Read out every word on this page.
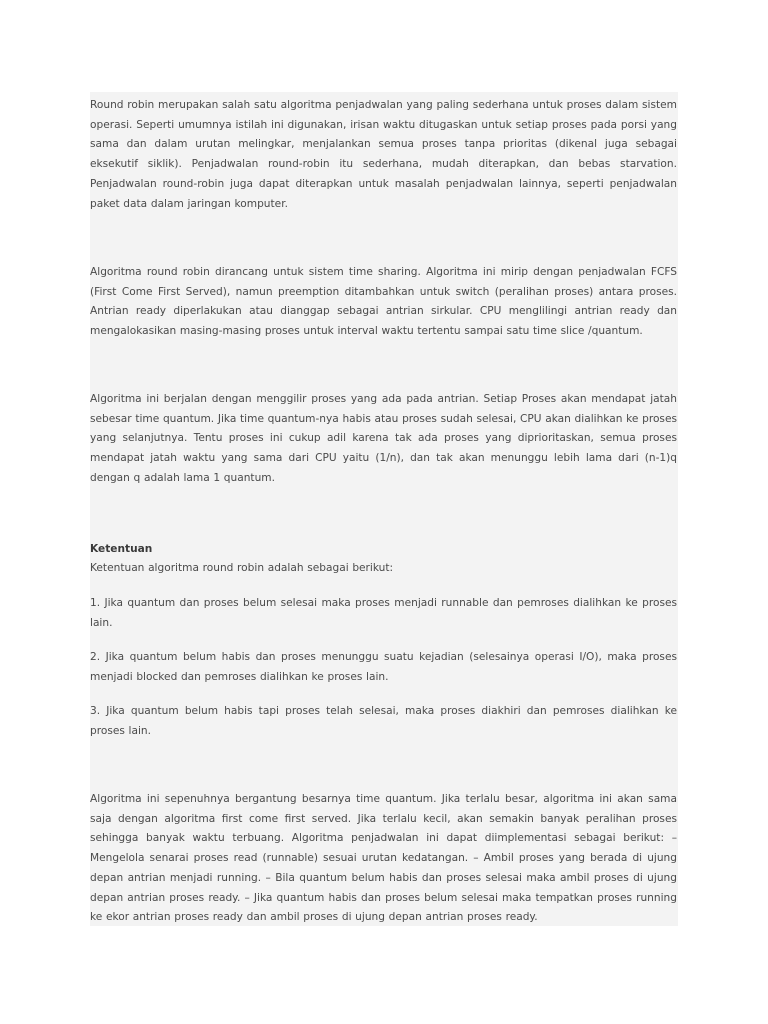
Round robin merupakan salah satu algoritma penjadwalan yang paling sederhana untuk proses dalam sistem operasi. Seperti umumnya istilah ini digunakan, irisan waktu ditugaskan untuk setiap proses pada porsi yang sama dan dalam urutan melingkar, menjalankan semua proses tanpa prioritas (dikenal juga sebagai eksekutif siklik). Penjadwalan round-robin itu sederhana, mudah diterapkan, dan bebas starvation. Penjadwalan round-robin juga dapat diterapkan untuk masalah penjadwalan lainnya, seperti penjadwalan paket data dalam jaringan komputer.

Algoritma round robin dirancang untuk sistem time sharing. Algoritma ini mirip dengan penjadwalan FCFS (First Come First Served), namun preemption ditambahkan untuk switch (peralihan proses) antara proses. Antrian ready diperlakukan atau dianggap sebagai antrian sirkular. CPU menglilingi antrian ready dan mengalokasikan masing-masing proses untuk interval waktu tertentu sampai satu time slice /quantum.

Algoritma ini berjalan dengan menggilir proses yang ada pada antrian. Setiap Proses akan mendapat jatah sebesar time quantum. Jika time quantum-nya habis atau proses sudah selesai, CPU akan dialihkan ke proses yang selanjutnya. Tentu proses ini cukup adil karena tak ada proses yang diprioritaskan, semua proses mendapat jatah waktu yang sama dari CPU yaitu (1/n), dan tak akan menunggu lebih lama dari (n-1)q dengan q adalah lama 1 quantum.

Ketentuan

Ketentuan algoritma round robin adalah sebagai berikut:

1. Jika quantum dan proses belum selesai maka proses menjadi runnable dan pemroses dialihkan ke proses lain.

2. Jika quantum belum habis dan proses menunggu suatu kejadian (selesainya operasi I/O), maka proses menjadi blocked dan pemroses dialihkan ke proses lain.

3. Jika quantum belum habis tapi proses telah selesai, maka proses diakhiri dan pemroses dialihkan ke proses lain.

Algoritma ini sepenuhnya bergantung besarnya time quantum. Jika terlalu besar, algoritma ini akan sama saja dengan algoritma first come first served. Jika terlalu kecil, akan semakin banyak peralihan proses sehingga banyak waktu terbuang. Algoritma penjadwalan ini dapat diimplementasi sebagai berikut: – Mengelola senarai proses read (runnable) sesuai urutan kedatangan. – Ambil proses yang berada di ujung depan antrian menjadi running. – Bila quantum belum habis dan proses selesai maka ambil proses di ujung depan antrian proses ready. – Jika quantum habis dan proses belum selesai maka tempatkan proses running ke ekor antrian proses ready dan ambil proses di ujung depan antrian proses ready.
